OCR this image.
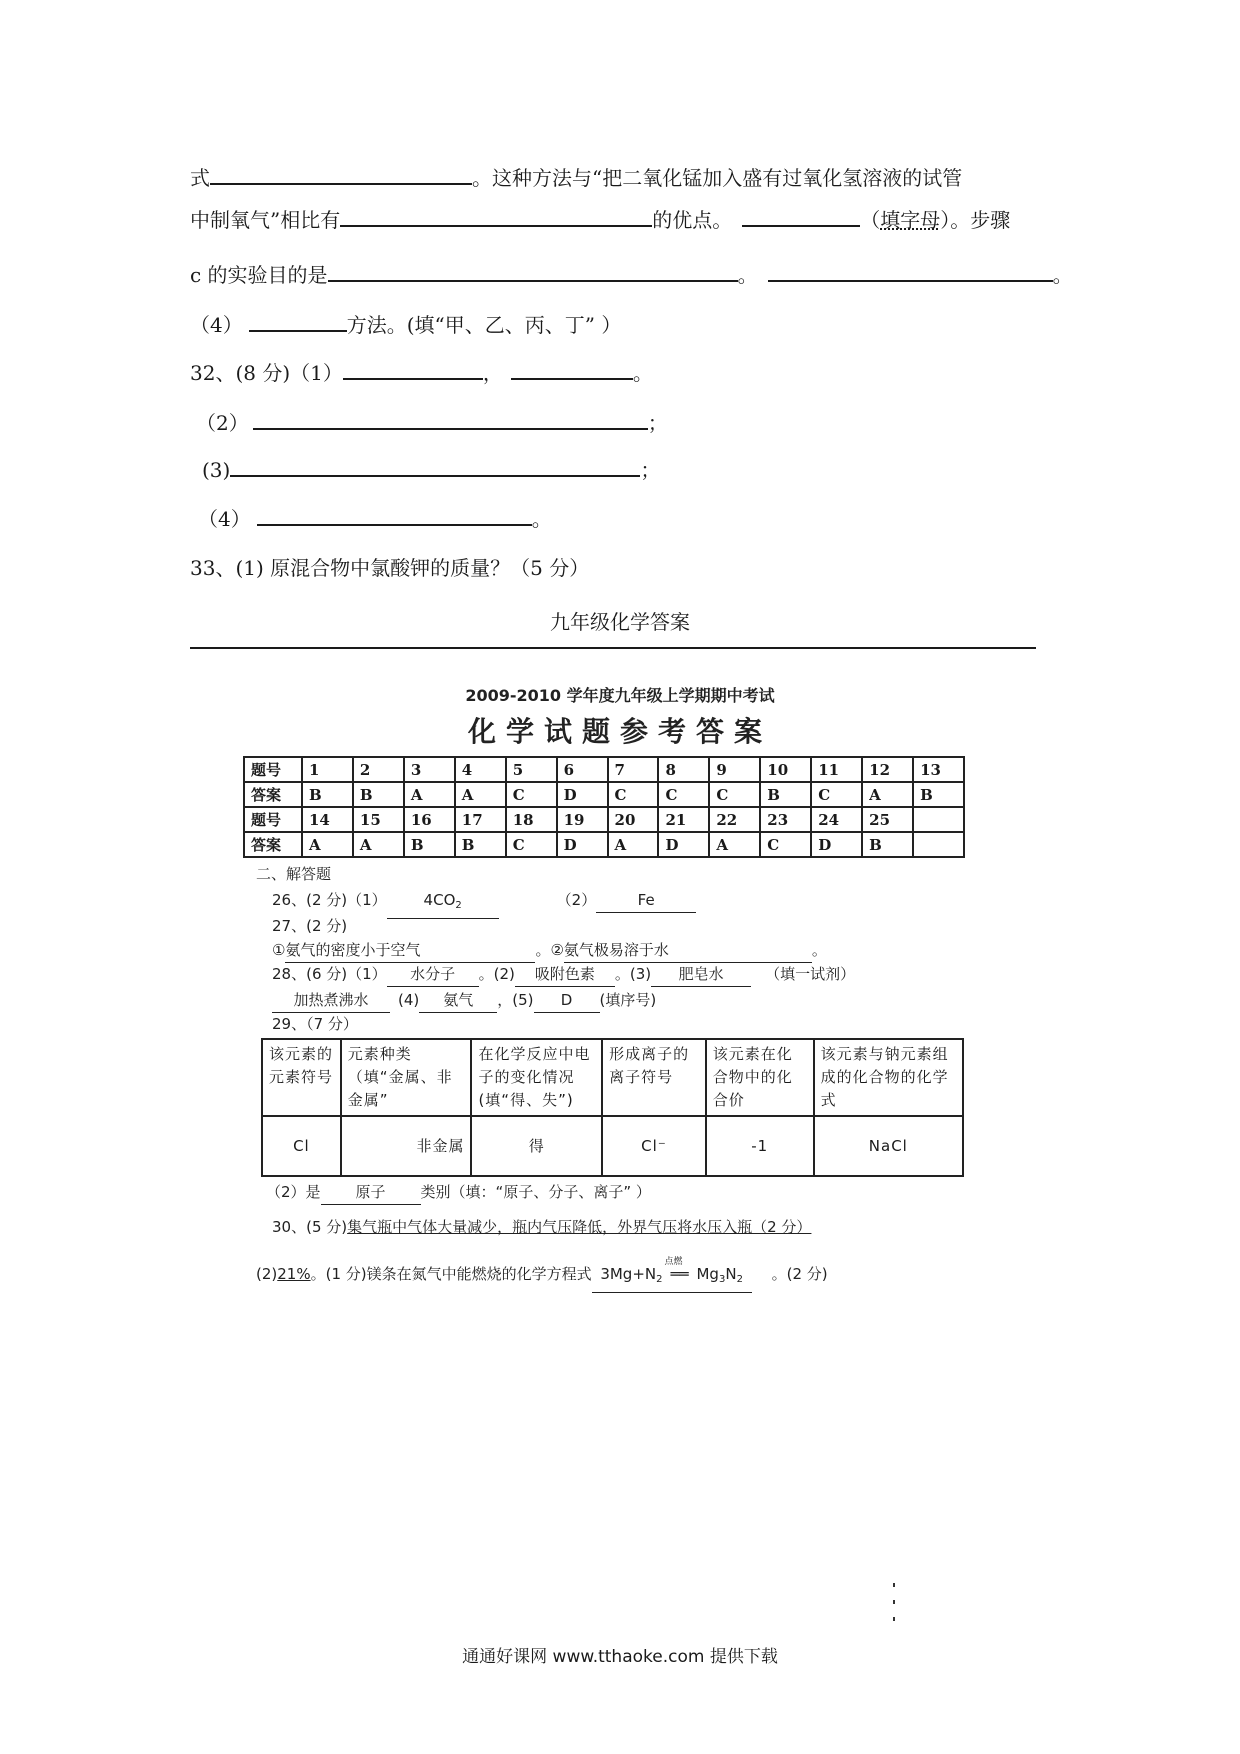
式	。这种方法与“把二氧化锰加入盛有过氧化氢溶液的试管
中制氧气”相比有	的优点。	（填字母）。步骤
c 的实验目的是	。	。
（4）	方法。(填“甲、乙、丙、丁” ）
32、(8 分)（1）	，	。
（2）	；
(3)	；
（4）	。
33、(1) 原混合物中氯酸钾的质量？（5 分）
九年级化学答案
2009-2010 学年度九年级上学期期中考试
化学试题参考答案
题号	1	2	3	4	5	6	7	8	9	10	11	12	13
答案	B	B	A	A	C	D	C	C	C	B	C	A	B
题号	14	15	16	17	18	19	20	21	22	23	24	25	
答案	A	A	B	B	C	D	A	D	A	C	D	B	
二、解答题
26、(2 分)（1） $4CO_2$	（2）	Fe
27、(2 分)
①氨气的密度小于空气	。②氨气极易溶于水	。
28、(6 分)（1） 水分子 。(2) 吸附色素 。(3) 肥皂水	（填一试剂）
加热煮沸水 (4) 氨气 ，(5) D (填序号)
29、（7 分）
该元素的元素符号	元素种类（填“金属、非金属”	在化学反应中电子的变化情况(填“得、失”)	形成离子的离子符号	该元素在化合物中的化合价	该元素与钠元素组成的化合物的化学式
Cl	非金属	得	Cl⁻	-1	NaCl
（2）是 原子 类别（填：“原子、分子、离子” ）
30、(5 分)集气瓶中气体大量减少，瓶内气压降低，外界气压将水压入瓶（2 分）
(2)21%。(1 分)镁条在氮气中能燃烧的化学方程式 $3Mg+N_2$
点燃
══ $Mg_3N_2$ 。(2 分)
通通好课网 www.tthaoke.com 提供下载
